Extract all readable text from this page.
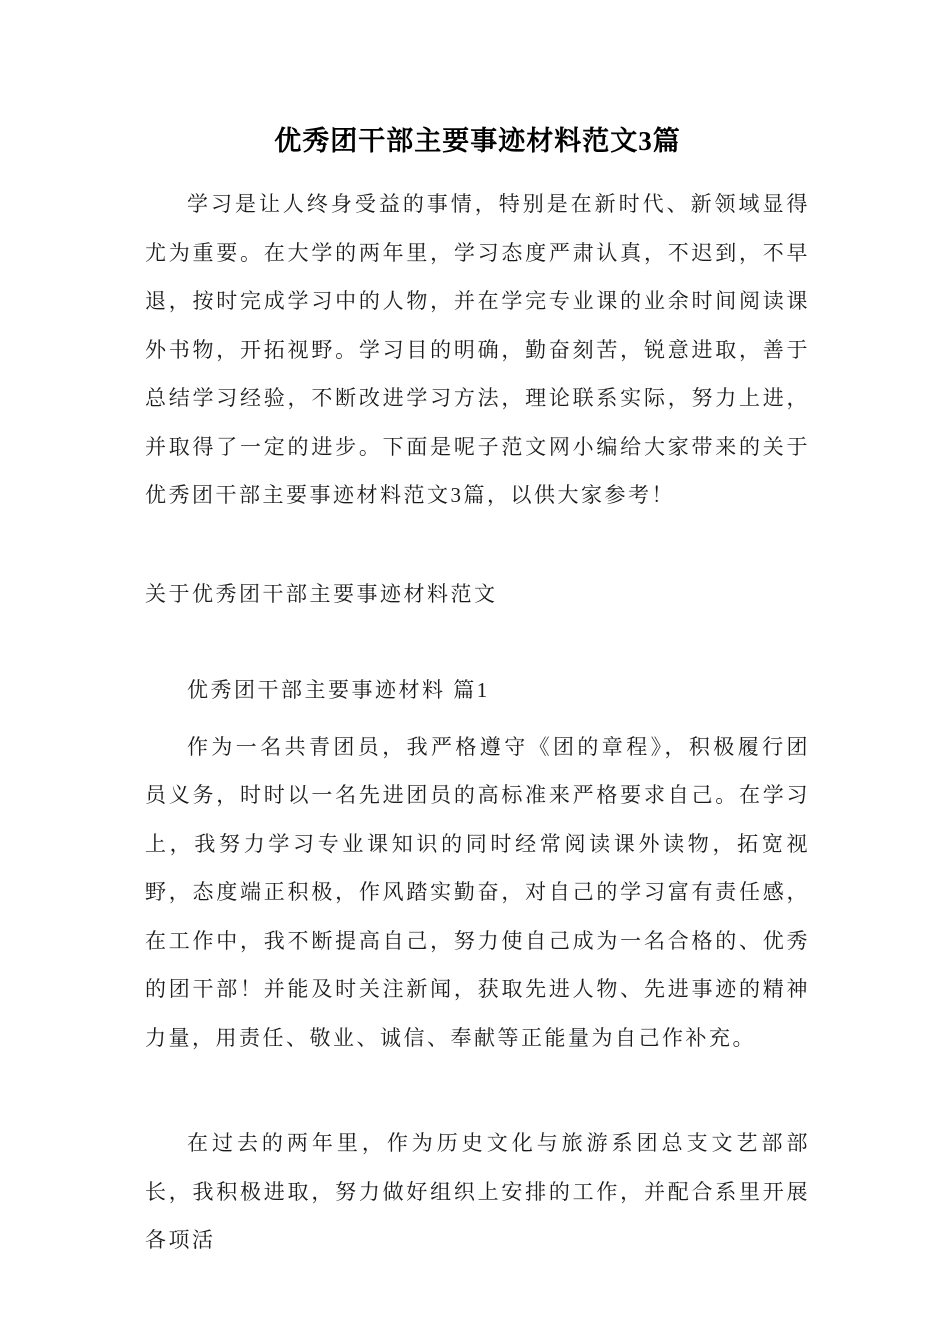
优秀团干部主要事迹材料范文3篇

学习是让人终身受益的事情，特别是在新时代、新领域显得尤为重要。在大学的两年里，学习态度严肃认真，不迟到，不早退，按时完成学习中的人物，并在学完专业课的业余时间阅读课外书物，开拓视野。学习目的明确，勤奋刻苦，锐意进取，善于总结学习经验，不断改进学习方法，理论联系实际，努力上进，并取得了一定的进步。下面是呢子范文网小编给大家带来的关于优秀团干部主要事迹材料范文3篇，以供大家参考！

关于优秀团干部主要事迹材料范文

优秀团干部主要事迹材料 篇1

作为一名共青团员，我严格遵守《团的章程》，积极履行团员义务，时时以一名先进团员的高标准来严格要求自己。在学习上，我努力学习专业课知识的同时经常阅读课外读物，拓宽视野，态度端正积极，作风踏实勤奋，对自己的学习富有责任感，在工作中，我不断提高自己，努力使自己成为一名合格的、优秀的团干部！并能及时关注新闻，获取先进人物、先进事迹的精神力量，用责任、敬业、诚信、奉献等正能量为自己作补充。

在过去的两年里，作为历史文化与旅游系团总支文艺部部长，我积极进取，努力做好组织上安排的工作，并配合系里开展各项活
